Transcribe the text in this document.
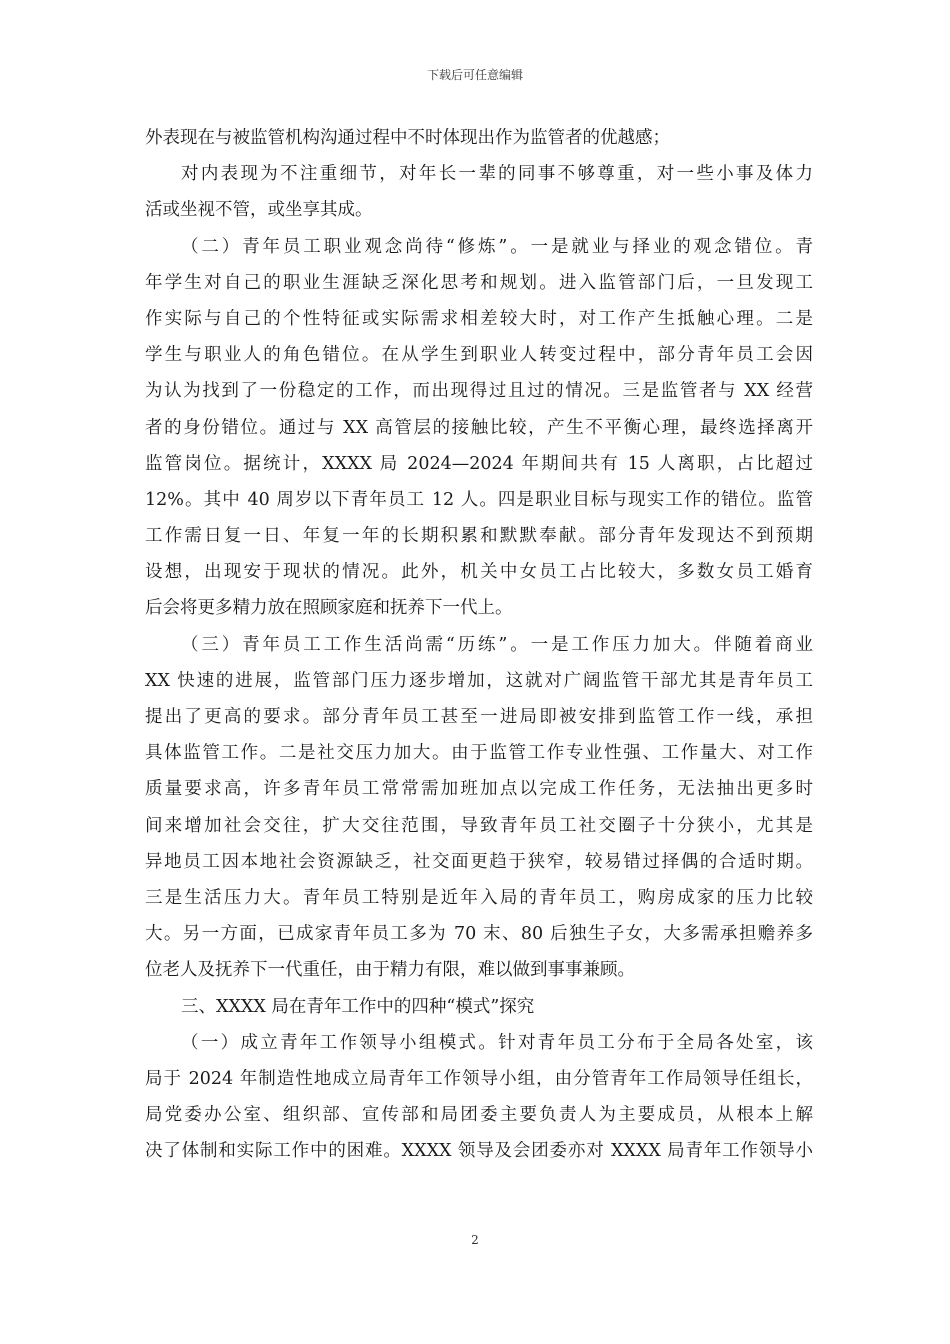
下载后可任意编辑
外表现在与被监管机构沟通过程中不时体现出作为监管者的优越感；
对内表现为不注重细节，对年长一辈的同事不够尊重，对一些小事及体力
活或坐视不管，或坐享其成。
（二）青年员工职业观念尚待“修炼”。一是就业与择业的观念错位。青
年学生对自己的职业生涯缺乏深化思考和规划。进入监管部门后，一旦发现工
作实际与自己的个性特征或实际需求相差较大时，对工作产生抵触心理。二是
学生与职业人的角色错位。在从学生到职业人转变过程中，部分青年员工会因
为认为找到了一份稳定的工作，而出现得过且过的情况。三是监管者与 XX 经营
者的身份错位。通过与 XX 高管层的接触比较，产生不平衡心理，最终选择离开
监管岗位。据统计，XXXX 局 2024—2024 年期间共有 15 人离职，占比超过
12%。其中 40 周岁以下青年员工 12 人。四是职业目标与现实工作的错位。监管
工作需日复一日、年复一年的长期积累和默默奉献。部分青年发现达不到预期
设想，出现安于现状的情况。此外，机关中女员工占比较大，多数女员工婚育
后会将更多精力放在照顾家庭和抚养下一代上。
（三）青年员工工作生活尚需“历练”。一是工作压力加大。伴随着商业
XX 快速的进展，监管部门压力逐步增加，这就对广阔监管干部尤其是青年员工
提出了更高的要求。部分青年员工甚至一进局即被安排到监管工作一线，承担
具体监管工作。二是社交压力加大。由于监管工作专业性强、工作量大、对工作
质量要求高，许多青年员工常常需加班加点以完成工作任务，无法抽出更多时
间来增加社会交往，扩大交往范围，导致青年员工社交圈子十分狭小，尤其是
异地员工因本地社会资源缺乏，社交面更趋于狭窄，较易错过择偶的合适时期。
三是生活压力大。青年员工特别是近年入局的青年员工，购房成家的压力比较
大。另一方面，已成家青年员工多为 70 末、80 后独生子女，大多需承担赡养多
位老人及抚养下一代重任，由于精力有限，难以做到事事兼顾。
三、XXXX 局在青年工作中的四种“模式”探究
（一）成立青年工作领导小组模式。针对青年员工分布于全局各处室，该
局于 2024 年制造性地成立局青年工作领导小组，由分管青年工作局领导任组长，
局党委办公室、组织部、宣传部和局团委主要负责人为主要成员，从根本上解
决了体制和实际工作中的困难。XXXX 领导及会团委亦对 XXXX 局青年工作领导小
2
